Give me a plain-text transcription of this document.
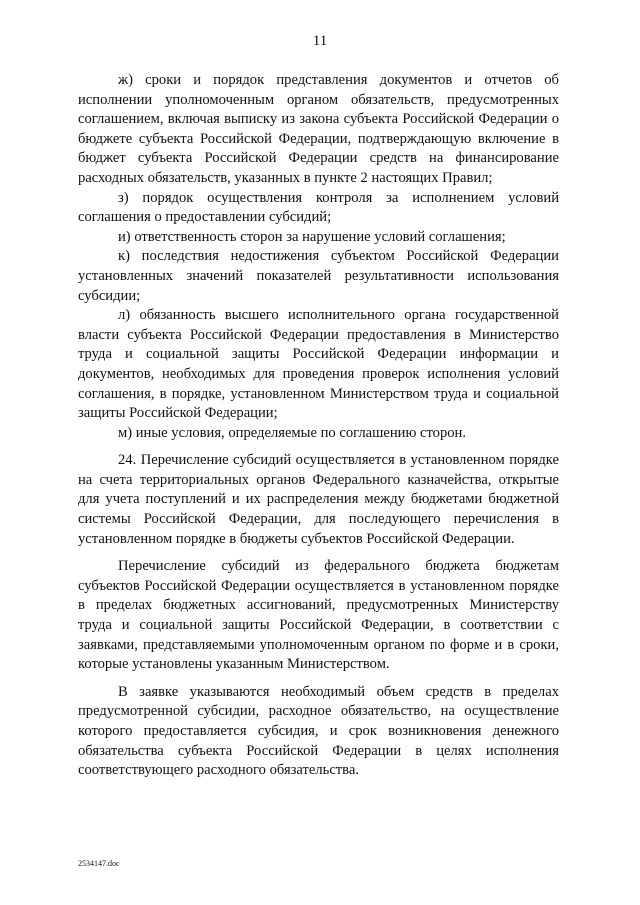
11

ж) сроки и порядок представления документов и отчетов об исполнении уполномоченным органом обязательств, предусмотренных соглашением, включая выписку из закона субъекта Российской Федерации о бюджете субъекта Российской Федерации, подтверждающую включение в бюджет субъекта Российской Федерации средств на финансирование расходных обязательств, указанных в пункте 2 настоящих Правил;

з) порядок осуществления контроля за исполнением условий соглашения о предоставлении субсидий;

и) ответственность сторон за нарушение условий соглашения;

к) последствия недостижения субъектом Российской Федерации установленных значений показателей результативности использования субсидии;

л) обязанность высшего исполнительного органа государственной власти субъекта Российской Федерации предоставления в Министерство труда и социальной защиты Российской Федерации информации и документов, необходимых для проведения проверок исполнения условий соглашения, в порядке, установленном Министерством труда и социальной защиты Российской Федерации;

м) иные условия, определяемые по соглашению сторон.

24. Перечисление субсидий осуществляется в установленном порядке на счета территориальных органов Федерального казначейства, открытые для учета поступлений и их распределения между бюджетами бюджетной системы Российской Федерации, для последующего перечисления в установленном порядке в бюджеты субъектов Российской Федерации.

Перечисление субсидий из федерального бюджета бюджетам субъектов Российской Федерации осуществляется в установленном порядке в пределах бюджетных ассигнований, предусмотренных Министерству труда и социальной защиты Российской Федерации, в соответствии с заявками, представляемыми уполномоченным органом по форме и в сроки, которые установлены указанным Министерством.

В заявке указываются необходимый объем средств в пределах предусмотренной субсидии, расходное обязательство, на осуществление которого предоставляется субсидия, и срок возникновения денежного обязательства субъекта Российской Федерации в целях исполнения соответствующего расходного обязательства.

2534147.doc
